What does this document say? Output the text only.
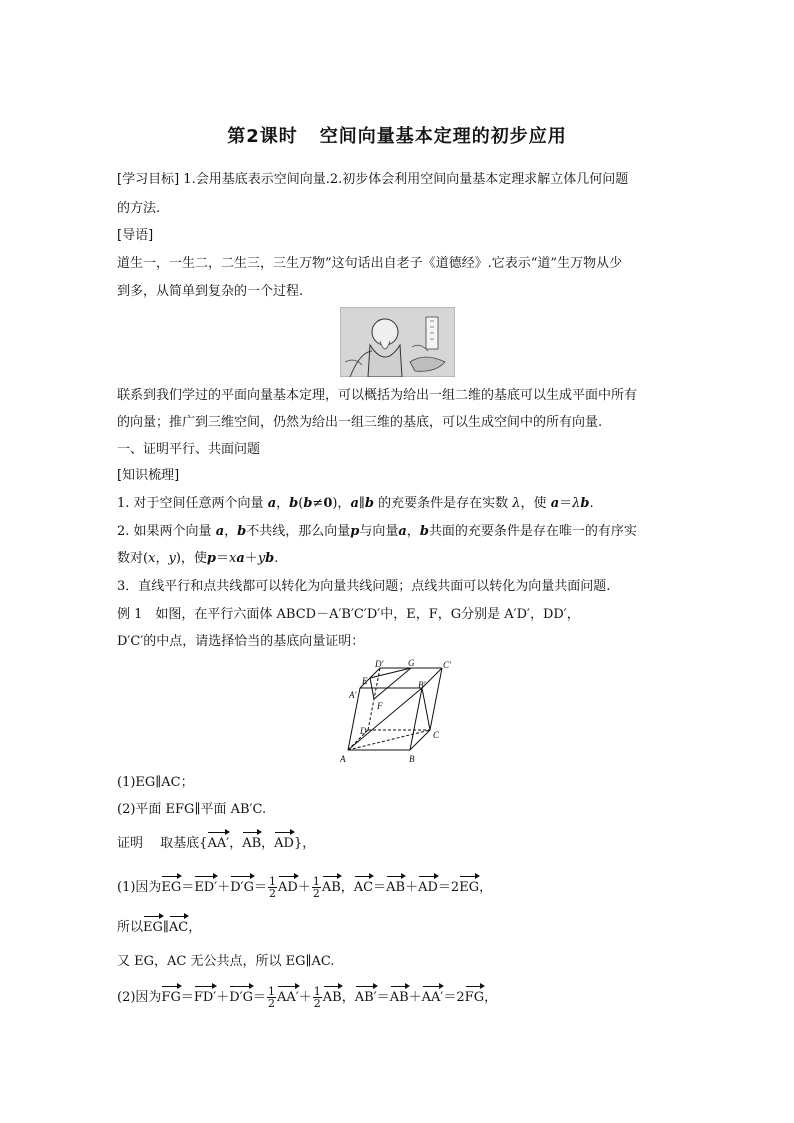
第2课时 空间向量基本定理的初步应用
[学习目标] 1.会用基底表示空间向量.2.初步体会利用空间向量基本定理求解立体几何问题
的方法.
[导语]
道生一，一生二，二生三，三生万物”这句话出自老子《道德经》.它表示“道”生万物从少
到多，从简单到复杂的一个过程.
联系到我们学过的平面向量基本定理，可以概括为给出一组二维的基底可以生成平面中所有
的向量；推广到三维空间，仍然为给出一组三维的基底，可以生成空间中的所有向量.
一、证明平行、共面问题
[知识梳理]
1. 对于空间任意两个向量 a，b(b≠0)，a∥b 的充要条件是存在实数 λ，使 a＝λb.
2. 如果两个向量 a，b不共线，那么向量p与向量a，b共面的充要条件是存在唯一的有序实
数对(x，y)，使p＝xa＋yb.
3．直线平行和点共线都可以转化为向量共线问题；点线共面可以转化为向量共面问题.
例 1　如图，在平行六面体 ABCD－A′B′C′D′中，E，F，G分别是 A′D′，DD′，
D′C′的中点，请选择恰当的基底向量证明：
A	B
C
D
A′
B′
C′
D′
E
F
G
(1)EG∥AC；
(2)平面 EFG∥平面 AB′C.
证明　 取基底{AA′，AB，AD}，
(1)因为$EG=ED'+D'G= \frac{1}{2} AD+ \frac{1}{2}$ AB，AC＝AB＋AD＝2EG，
所以EG∥AC，
又 EG，AC 无公共点，所以 EG∥AC.
(2)因为$FG=FD'+D'G= \frac{1}{2} AA'+ \frac{1}{2}$ AB，AB′＝AB＋AA′＝2FG，
